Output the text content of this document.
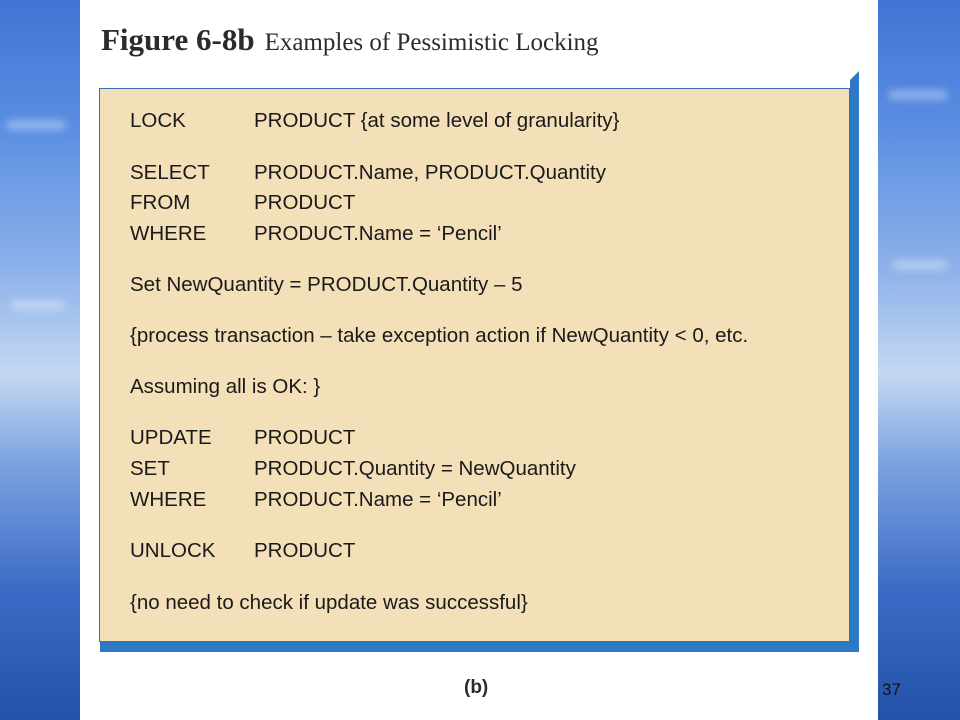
Figure 6-8b Examples of Pessimistic Locking
LOCK	PRODUCT {at some level of granularity}
SELECT PRODUCT.Name, PRODUCT.Quantity
FROM	PRODUCT
WHERE PRODUCT.Name = ‘Pencil’
Set NewQuantity = PRODUCT.Quantity – 5
{process transaction – take exception action if NewQuantity < 0, etc.
Assuming all is OK: }
UPDATE PRODUCT
SET	PRODUCT.Quantity = NewQuantity
WHERE PRODUCT.Name = ‘Pencil’
UNLOCK PRODUCT
{no need to check if update was successful}
(b)	37
